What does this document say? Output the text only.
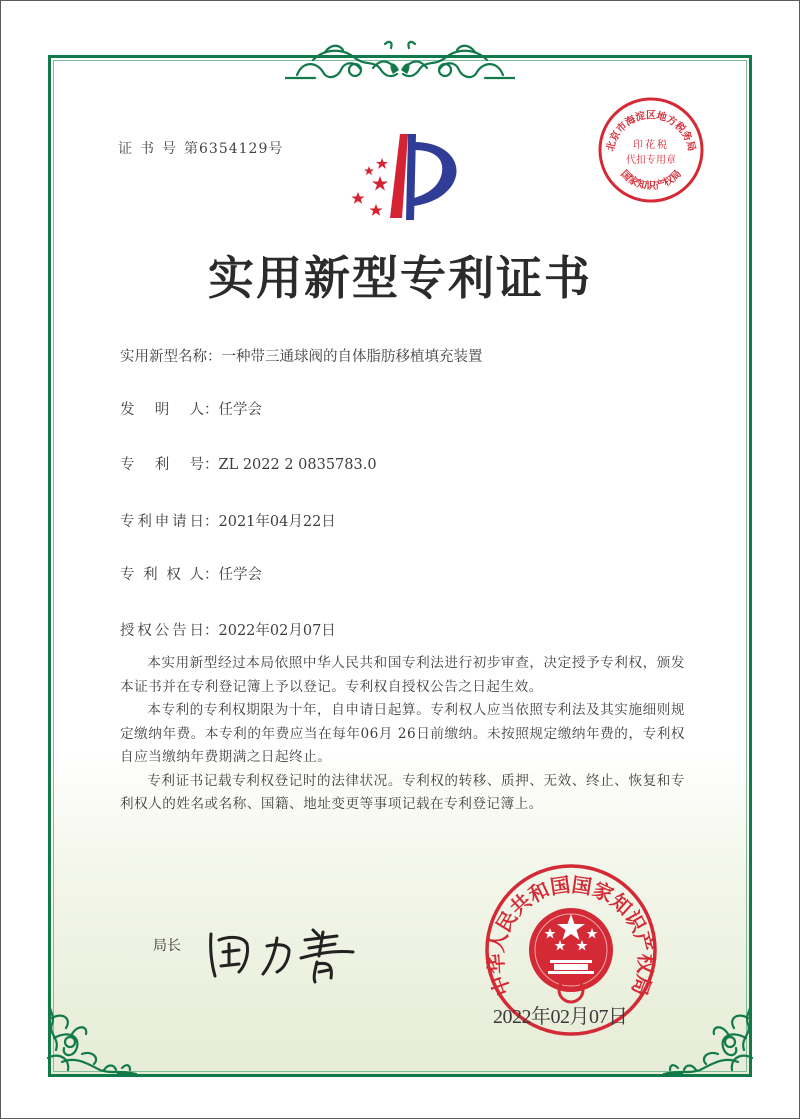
证书号第6354129号	北京市海淀区地方税务局
国家知识产权局
印花税
代扣专用章
实用新型专利证书
实用新型名称：一种带三通球阀的自体脂肪移植填充装置
发 明 人 ：任学会
专 利 号 ：ZL 2022 2 0835783.0
专 利 申 请 日 ：2021年04月22日
专 利 权 人 ：任学会
授 权 公 告 日 ：2022年02月07日

本实用新型经过本局依照中华人民共和国专利法进行初步审查，决定授予专利权，颁发本证书并在专利登记簿上予以登记。专利权自授权公告之日起生效。

本专利的专利权期限为十年，自申请日起算。专利权人应当依照专利法及其实施细则规定缴纳年费。本专利的年费应当在每年06月 26日前缴纳。未按照规定缴纳年费的，专利权自应当缴纳年费期满之日起终止。

专利证书记载专利权登记时的法律状况。专利权的转移、质押、无效、终止、恢复和专利权人的姓名或名称、国籍、地址变更等事项记载在专利登记簿上。

局长
中华人民共和国国家知识产权局
2022年02月07日
